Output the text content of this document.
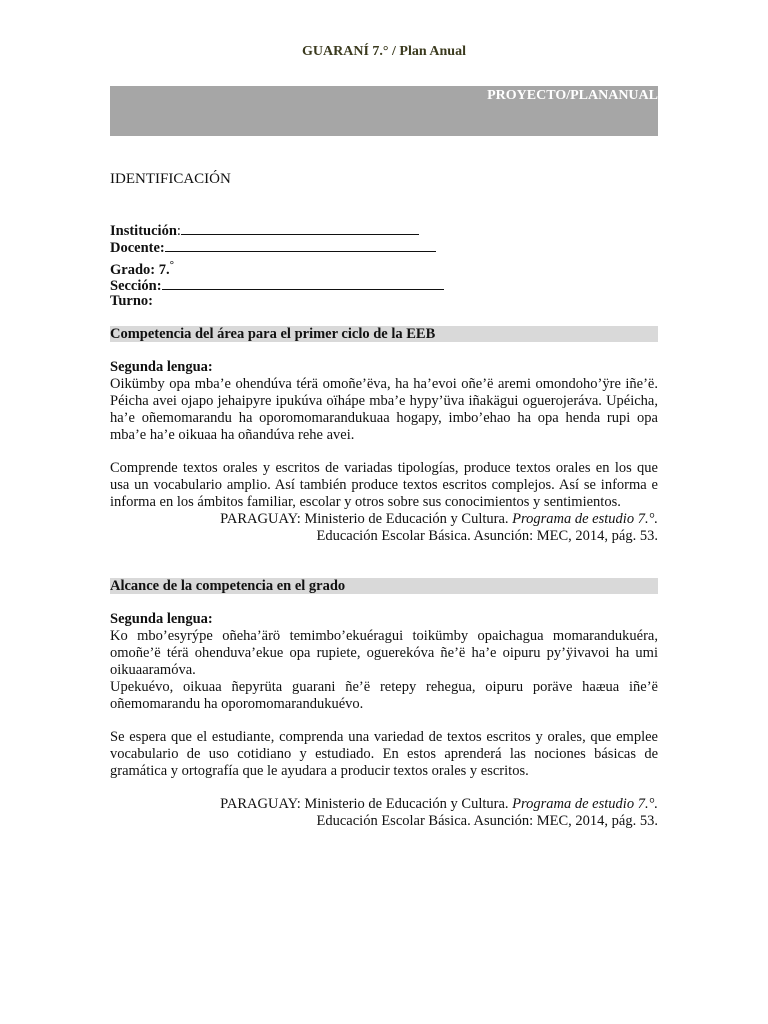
GUARANÍ 7.° / Plan Anual
PROYECTO/PLANANUAL
IDENTIFICACIÓN
Institución:
Docente:
Grado: 7.°
Sección:
Turno:
Competencia del área para el primer ciclo de la EEB

Segunda lengua:

Oikümby opa mba’e ohendúva térä omoñe’ëva, ha ha’evoi oñe’ë aremi omondoho’ÿre iñe’ë. Péicha avei ojapo jehaipyre ipukúva oïhápe mba’e hypy’üva iñakägui oguerojeráva. Upéicha, ha’e oñemomarandu ha oporomomarandukuaa hogapy, imbo’ehao ha opa henda rupi opa mba’e ha’e oikuaa ha oñandúva rehe avei.

Comprende textos orales y escritos de variadas tipologías, produce textos orales en los que usa un vocabulario amplio. Así también produce textos escritos complejos. Así se informa e informa en los ámbitos familiar, escolar y otros sobre sus conocimientos y sentimientos.

PARAGUAY: Ministerio de Educación y Cultura. Programa de estudio 7.°.

Educación Escolar Básica. Asunción: MEC, 2014, pág. 53.

Alcance de la competencia en el grado

Segunda lengua:

Ko mbo’esyrýpe oñeha’ärö temimbo’ekuéragui toikümby opaichagua momarandukuéra, omoñe’ë térä ohenduva’ekue opa rupiete, oguerekóva ñe’ë ha’e oipuru py’ÿivavoi ha umi oikuaaramóva.

Upekuévo, oikuaa ñepyrüta guarani ñe’ë retepy rehegua, oipuru poräve haæua iñe’ë oñemomarandu ha oporomomarandukuévo.

Se espera que el estudiante, comprenda una variedad de textos escritos y orales, que emplee vocabulario de uso cotidiano y estudiado. En estos aprenderá las nociones básicas de gramática y ortografía que le ayudara a producir textos orales y escritos.

PARAGUAY: Ministerio de Educación y Cultura. Programa de estudio 7.°.

Educación Escolar Básica. Asunción: MEC, 2014, pág. 53.
